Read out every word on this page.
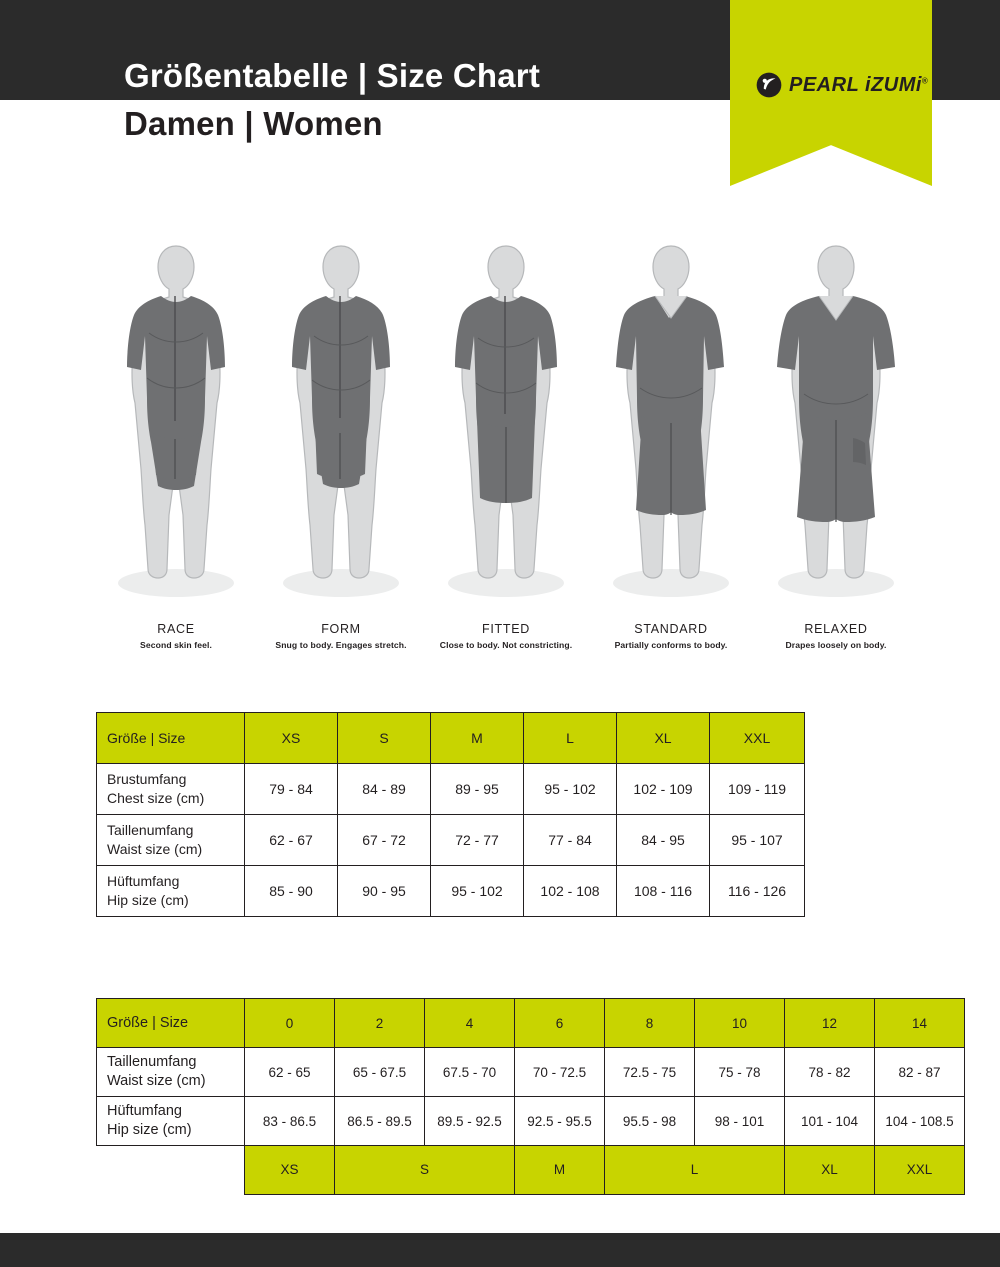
Größentabelle | Size Chart
Damen | Women
PEARL iZUMi®
RACE
Second skin feel.
FORM
Snug to body. Engages stretch.
FITTED
Close to body. Not constricting.
STANDARD
Partially conforms to body.
RELAXED
Drapes loosely on body.
Größe | Size	XS	S	M	L	XL	XXL
Brustumfang
Chest size (cm)	79 - 84	84 - 89	89 - 95	95 - 102	102 - 109	109 - 119
Taillenumfang
Waist size (cm)	62 - 67	67 - 72	72 - 77	77 - 84	84 - 95	95 - 107
Hüftumfang
Hip size (cm)	85 - 90	90 - 95	95 - 102	102 - 108	108 - 116	116 - 126
Größe | Size	0	2	4	6	8	10	12	14
Taillenumfang
Waist size (cm)	62 - 65	65 - 67.5	67.5 - 70	70 - 72.5	72.5 - 75	75 - 78	78 - 82	82 - 87
Hüftumfang
Hip size (cm)	83 - 86.5	86.5 - 89.5	89.5 - 92.5	92.5 - 95.5	95.5 - 98	98 - 101	101 - 104	104 - 108.5
	XS	S		M	L		XL	XXL
